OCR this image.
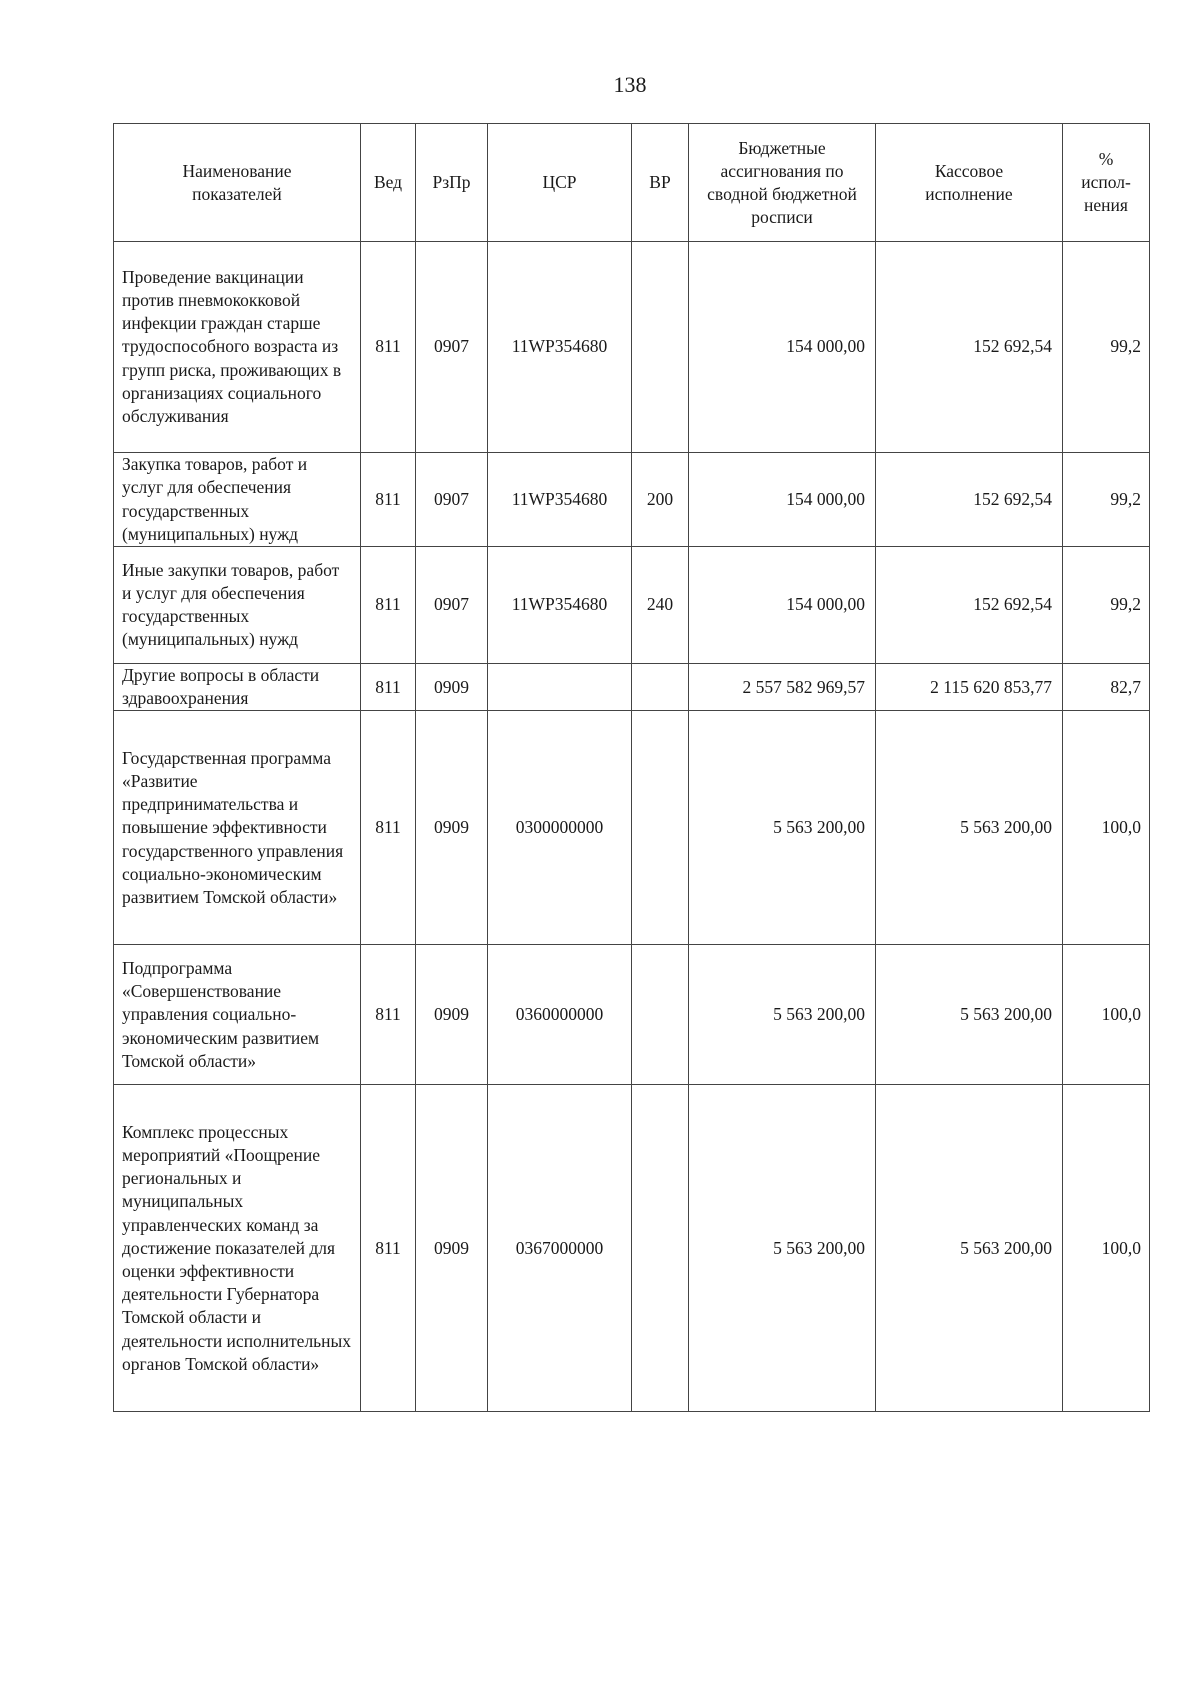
138
Наименование показателей	Вед	РзПр	ЦСР	ВР	Бюджетные ассигнования по сводной бюджетной росписи	Кассовое исполнение	% испол-нения
Проведение вакцинации против пневмококковой инфекции граждан старше трудоспособного возраста из групп риска, проживающих в организациях социального обслуживания	811	0907	11WP354680		154 000,00	152 692,54	99,2
Закупка товаров, работ и услуг для обеспечения государственных (муниципальных) нужд	811	0907	11WP354680	200	154 000,00	152 692,54	99,2
Иные закупки товаров, работ и услуг для обеспечения государственных (муниципальных) нужд	811	0907	11WP354680	240	154 000,00	152 692,54	99,2
Другие вопросы в области здравоохранения	811	0909			2 557 582 969,57	2 115 620 853,77	82,7
Государственная программа «Развитие предпринимательства и повышение эффективности государственного управления социально-экономическим развитием Томской области»	811	0909	0300000000		5 563 200,00	5 563 200,00	100,0
Подпрограмма «Совершенствование управления социально-экономическим развитием Томской области»	811	0909	0360000000		5 563 200,00	5 563 200,00	100,0
Комплекс процессных мероприятий «Поощрение региональных и муниципальных управленческих команд за достижение показателей для оценки эффективности деятельности Губернатора Томской области и деятельности исполнительных органов Томской области»	811	0909	0367000000		5 563 200,00	5 563 200,00	100,0
